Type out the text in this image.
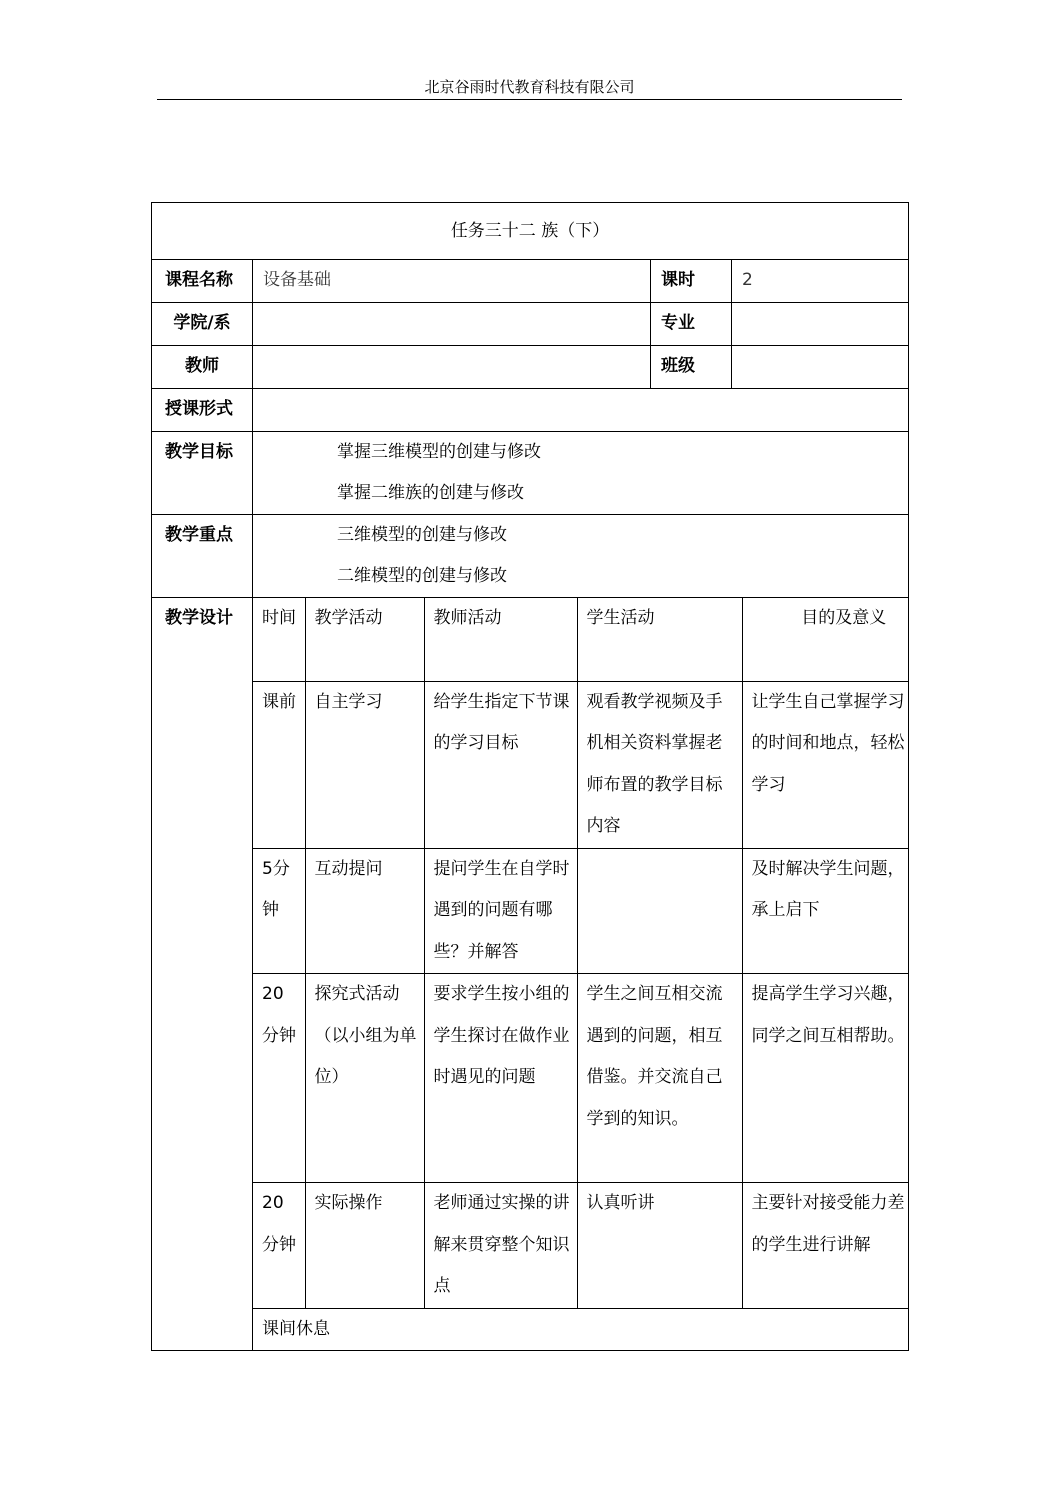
北京谷雨时代教育科技有限公司
任务三十二 族（下）
课程名称	设备基础	课时	2
学院/系		专业	
教师		班级	
授课形式	
教学目标	掌握三维模型的创建与修改
掌握二维族的创建与修改

教学重点	三维模型的创建与修改
二维模型的创建与修改

教学设计	时间	教学活动	教师活动	学生活动	目的及意义
课前	自主学习	给学生指定下节课的学习目标	观看教学视频及手机相关资料掌握老师布置的教学目标内容	让学生自己掌握学习的时间和地点，轻松学习
5分钟	互动提问	提问学生在自学时遇到的问题有哪些？并解答		及时解决学生问题，承上启下
20分钟	探究式活动（以小组为单位）	要求学生按小组的学生探讨在做作业时遇见的问题	学生之间互相交流遇到的问题，相互借鉴。并交流自己学到的知识。	提高学生学习兴趣，同学之间互相帮助。
20分钟	实际操作	老师通过实操的讲解来贯穿整个知识点	认真听讲	主要针对接受能力差的学生进行讲解
课间休息
